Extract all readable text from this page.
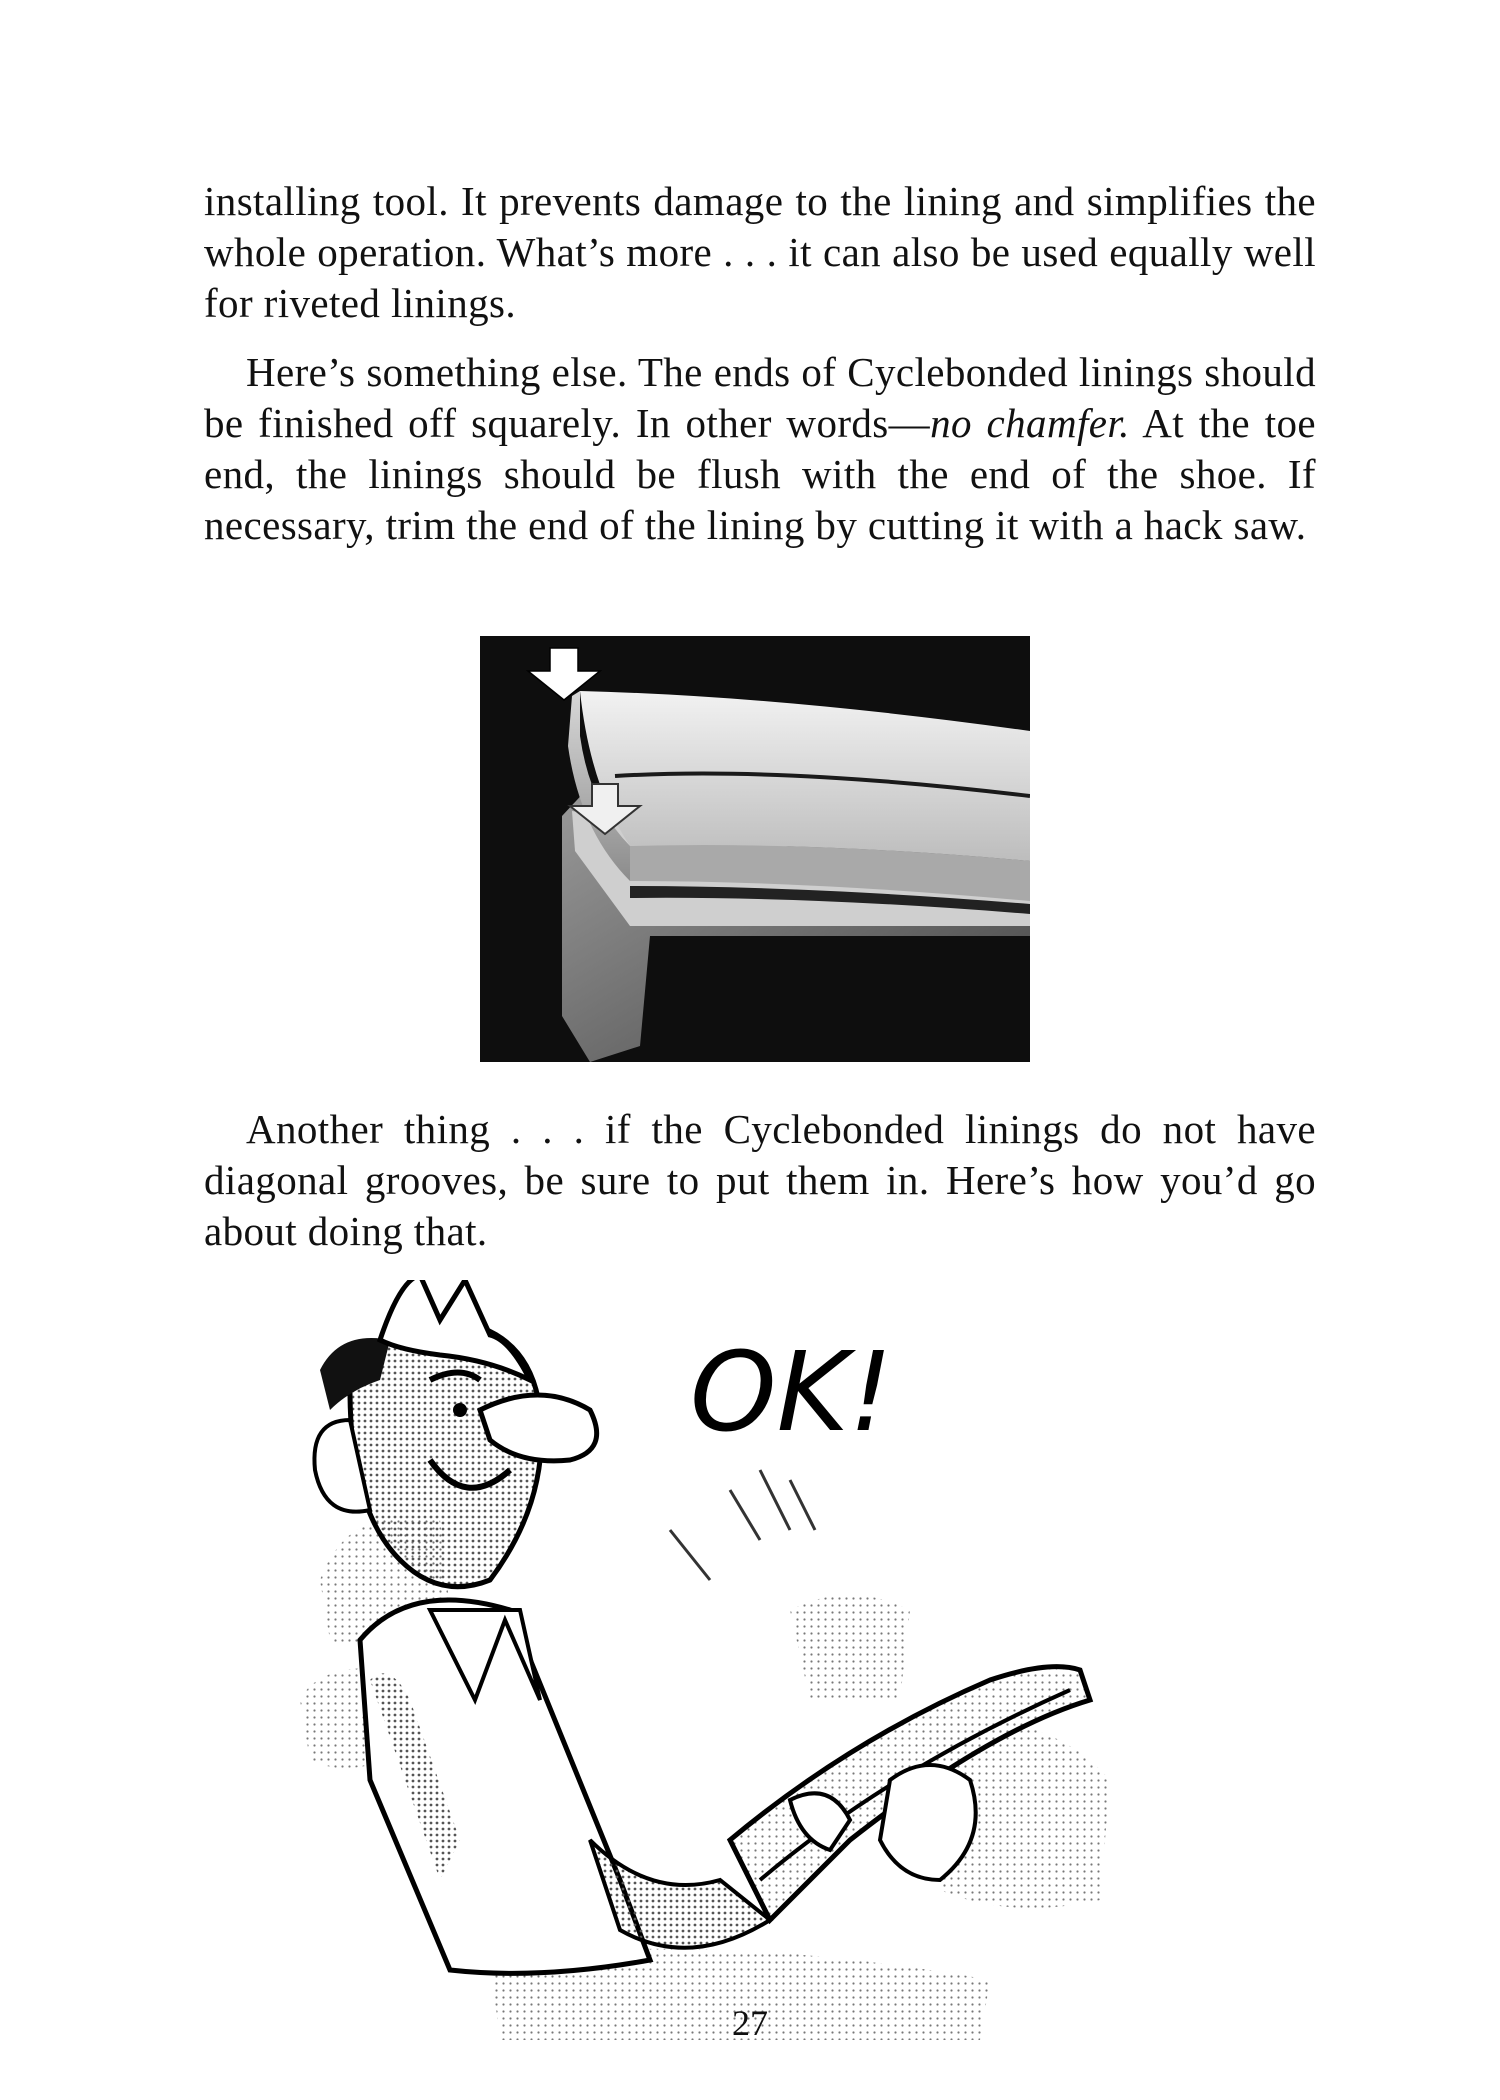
installing tool. It prevents damage to the lining and simplifies the whole operation. What’s more . . . it can also be used equally well for riveted linings.

Here’s something else. The ends of Cyclebonded linings should be finished off squarely. In other words—no chamfer. At the toe end, the linings should be flush with the end of the shoe. If necessary, trim the end of the lining by cutting it with a hack saw.

Another thing . . . if the Cyclebonded linings do not have diagonal grooves, be sure to put them in. Here’s how you’d go about doing that.

OK!
27
